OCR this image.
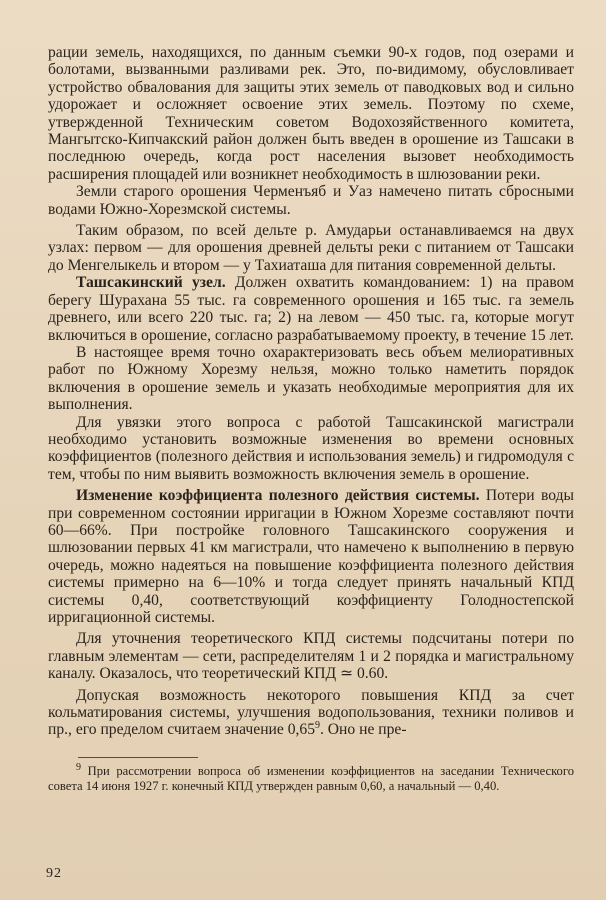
рации земель, находящихся, по данным съемки 90-х годов, под озерами и болотами, вызванными разливами рек. Это, по-видимому, обусловливает устройство обвалования для защиты этих земель от паводковых вод и сильно удорожает и осложняет освоение этих земель. Поэтому по схеме, утвержденной Техническим советом Водохозяйственного комитета, Мангытско-Кипчакский район должен быть введен в орошение из Ташсаки в последнюю очередь, когда рост населения вызовет необходимость расширения площадей или возникнет необходимость в шлюзовании реки.

Земли старого орошения Черменъяб и Уаз намечено питать сбросными водами Южно-Хорезмской системы.

Таким образом, по всей дельте р. Амударьи останавливаемся на двух узлах: первом — для орошения древней дельты реки с питанием от Ташсаки до Менгелыкель и втором — у Тахиаташа для питания современной дельты.

Ташсакинский узел. Должен охватить командованием: 1) на правом берегу Шурахана 55 тыс. га современного орошения и 165 тыс. га земель древнего, или всего 220 тыс. га; 2) на левом — 450 тыс. га, которые могут включиться в орошение, согласно разрабатываемому проекту, в течение 15 лет.

В настоящее время точно охарактеризовать весь объем мелиоративных работ по Южному Хорезму нельзя, можно только наметить порядок включения в орошение земель и указать необходимые мероприятия для их выполнения.

Для увязки этого вопроса с работой Ташсакинской магистрали необходимо установить возможные изменения во времени основных коэффициентов (полезного действия и использования земель) и гидромодуля с тем, чтобы по ним выявить возможность включения земель в орошение.

Изменение коэффициента полезного действия системы. Потери воды при современном состоянии ирригации в Южном Хорезме составляют почти 60—66%. При постройке головного Ташсакинского сооружения и шлюзовании первых 41 км магистрали, что намечено к выполнению в первую очередь, можно надеяться на повышение коэффициента полезного действия системы примерно на 6—10% и тогда следует принять начальный КПД системы 0,40, соответствующий коэффициенту Голодностепской ирригационной системы.

Для уточнения теоретического КПД системы подсчитаны потери по главным элементам — сети, распределителям 1 и 2 порядка и магистральному каналу. Оказалось, что теоретический КПД ≃ 0.60.

Допуская возможность некоторого повышения КПД за счет кольматирования системы, улучшения водопользования, техники поливов и пр., его пределом считаем значение 0,65$^9$. Оно не пре-

$^9$ При рассмотрении вопроса об изменении коэффициентов на заседании Технического совета 14 июня 1927 г. конечный КПД утвержден равным 0,60, а начальный — 0,40.

92
